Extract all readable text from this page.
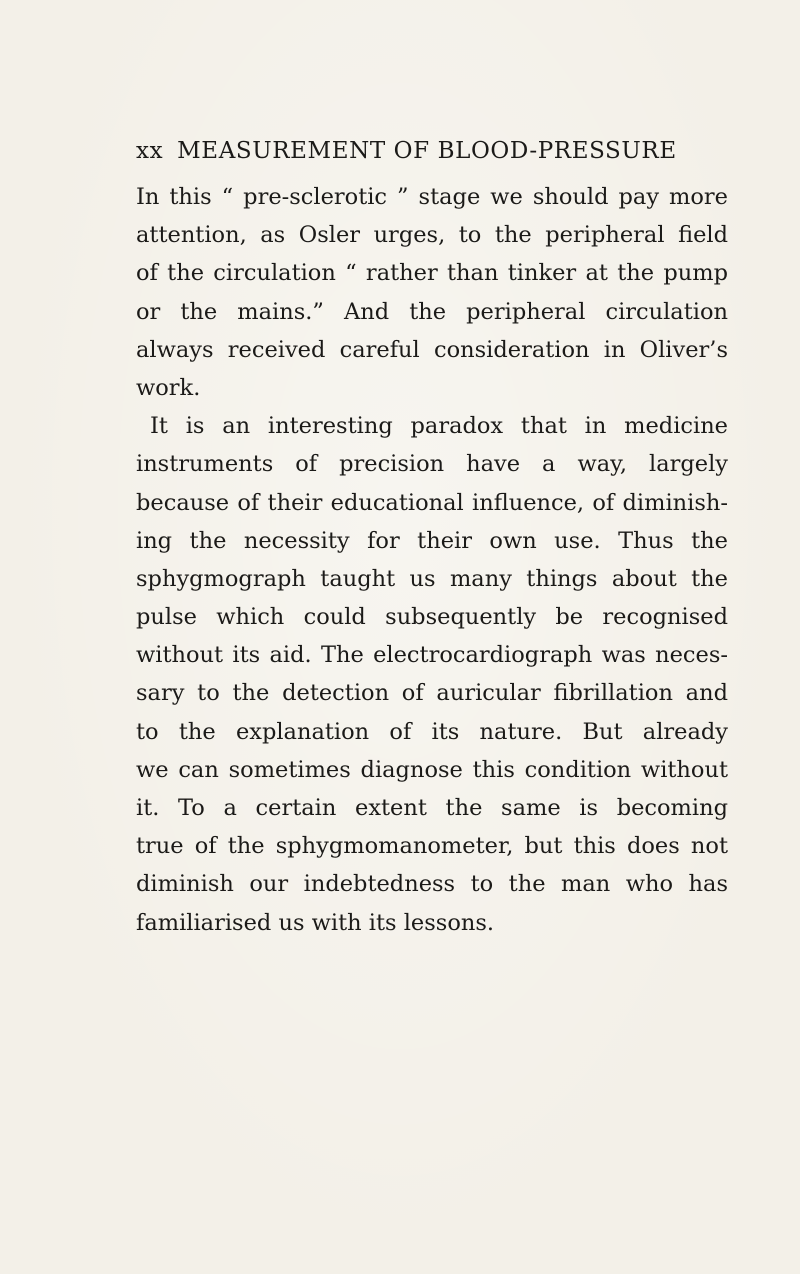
xx MEASUREMENT OF BLOOD-PRESSURE
In this “ pre-sclerotic ” stage we should pay more
attention, as Osler urges, to the peripheral field
of the circulation “ rather than tinker at the pump
or the mains.” And the peripheral circulation
always received careful consideration in Oliver’s
work.
It is an interesting paradox that in medicine
instruments of precision have a way, largely
because of their educational influence, of diminish-
ing the necessity for their own use. Thus the
sphygmograph taught us many things about the
pulse which could subsequently be recognised
without its aid. The electrocardiograph was neces-
sary to the detection of auricular fibrillation and
to the explanation of its nature. But already
we can sometimes diagnose this condition without
it. To a certain extent the same is becoming
true of the sphygmomanometer, but this does not
diminish our indebtedness to the man who has
familiarised us with its lessons.
